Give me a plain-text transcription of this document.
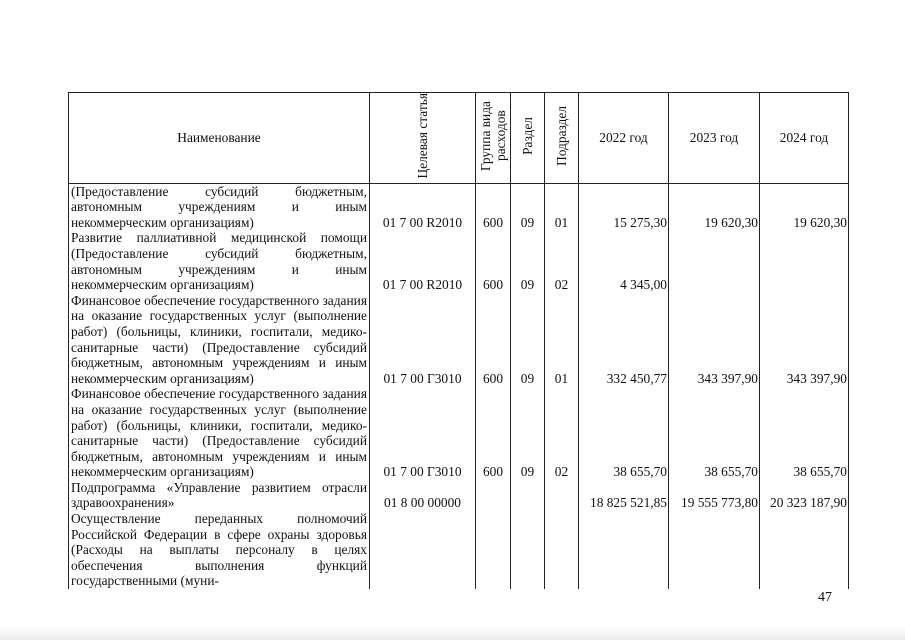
Наименование	Целевая статья	Группа вида расходов	Раздел	Подраздел	2022 год	2023 год	2024 год
(Предоставление субсидий бюджетным, автономным учреждениям и иным некоммерческим организациям)	01 7 00 R2010	600	09	01	15 275,30	19 620,30	19 620,30
Развитие паллиативной медицинской помощи (Предоставление субсидий бюджетным, автономным учреждениям и иным некоммерческим организациям)	01 7 00 R2010	600	09	02	4 345,00		
Финансовое обеспечение государственного задания на оказание государственных услуг (выполнение работ) (больницы, клиники, госпитали, медико-санитарные части) (Предоставление субсидий бюджетным, автономным учреждениям и иным некоммерческим организациям)	01 7 00 Г3010	600	09	01	332 450,77	343 397,90	343 397,90
Финансовое обеспечение государственного задания на оказание государственных услуг (выполнение работ) (больницы, клиники, госпитали, медико-санитарные части) (Предоставление субсидий бюджетным, автономным учреждениям и иным некоммерческим организациям)	01 7 00 Г3010	600	09	02	38 655,70	38 655,70	38 655,70
Подпрограмма «Управление развитием отрасли здравоохранения»	01 8 00 00000				18 825 521,85	19 555 773,80	20 323 187,90
Осуществление переданных полномочий Российской Федерации в сфере охраны здоровья (Расходы на выплаты персоналу в целях обеспечения выполнения функций государственными (муни-							
47
